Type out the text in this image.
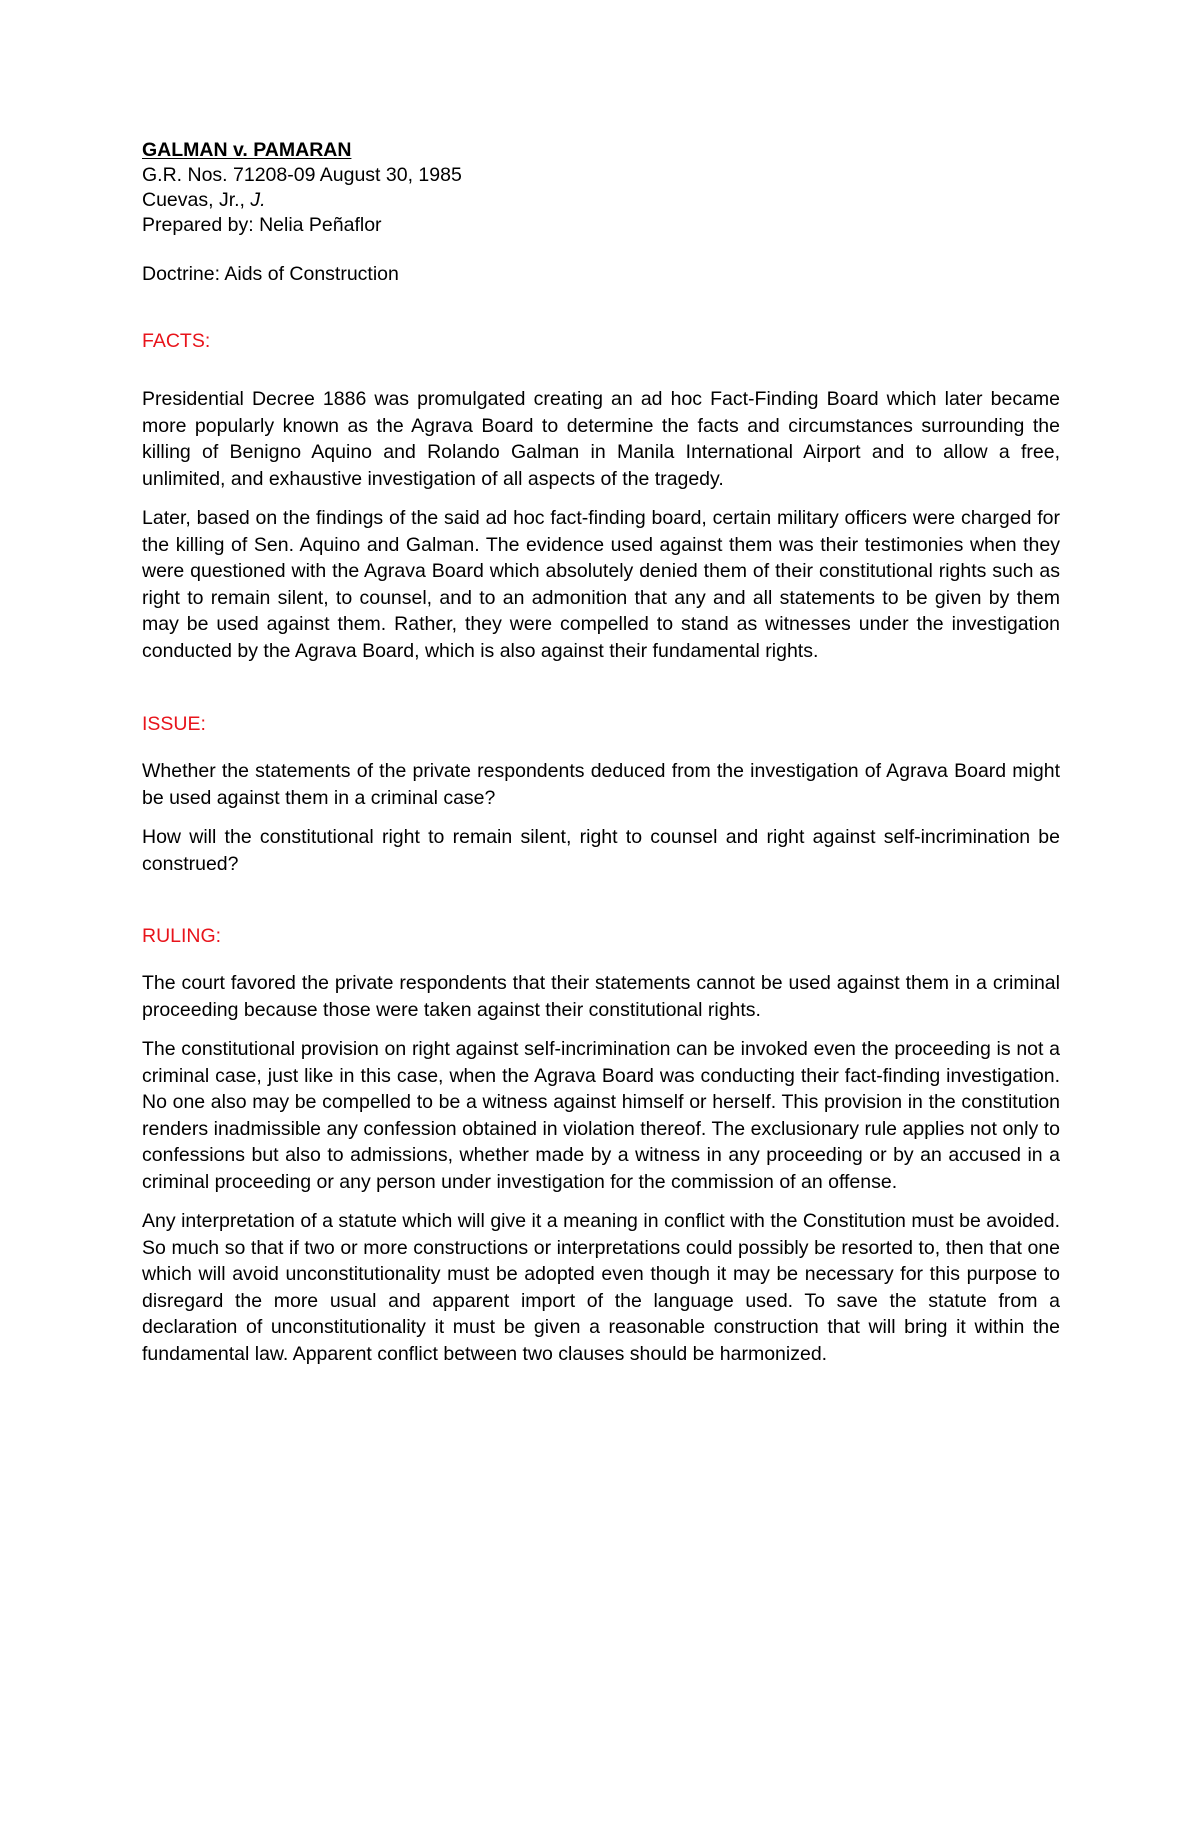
GALMAN v. PAMARAN

G.R. Nos. 71208-09 August 30, 1985

Cuevas, Jr., J.

Prepared by: Nelia Peñaflor

Doctrine: Aids of Construction

FACTS:

Presidential Decree 1886 was promulgated creating an ad hoc Fact-Finding Board which later became more popularly known as the Agrava Board to determine the facts and circumstances surrounding the killing of Benigno Aquino and Rolando Galman in Manila International Airport and to allow a free, unlimited, and exhaustive investigation of all aspects of the tragedy.

Later, based on the findings of the said ad hoc fact-finding board, certain military officers were charged for the killing of Sen. Aquino and Galman. The evidence used against them was their testimonies when they were questioned with the Agrava Board which absolutely denied them of their constitutional rights such as right to remain silent, to counsel, and to an admonition that any and all statements to be given by them may be used against them. Rather, they were compelled to stand as witnesses under the investigation conducted by the Agrava Board, which is also against their fundamental rights.

ISSUE:

Whether the statements of the private respondents deduced from the investigation of Agrava Board might be used against them in a criminal case?

How will the constitutional right to remain silent, right to counsel and right against self-incrimination be construed?

RULING:

The court favored the private respondents that their statements cannot be used against them in a criminal proceeding because those were taken against their constitutional rights.

The constitutional provision on right against self-incrimination can be invoked even the proceeding is not a criminal case, just like in this case, when the Agrava Board was conducting their fact-finding investigation. No one also may be compelled to be a witness against himself or herself. This provision in the constitution renders inadmissible any confession obtained in violation thereof. The exclusionary rule applies not only to confessions but also to admissions, whether made by a witness in any proceeding or by an accused in a criminal proceeding or any person under investigation for the commission of an offense.

Any interpretation of a statute which will give it a meaning in conflict with the Constitution must be avoided. So much so that if two or more constructions or interpretations could possibly be resorted to, then that one which will avoid unconstitutionality must be adopted even though it may be necessary for this purpose to disregard the more usual and apparent import of the language used. To save the statute from a declaration of unconstitutionality it must be given a reasonable construction that will bring it within the fundamental law. Apparent conflict between two clauses should be harmonized.
